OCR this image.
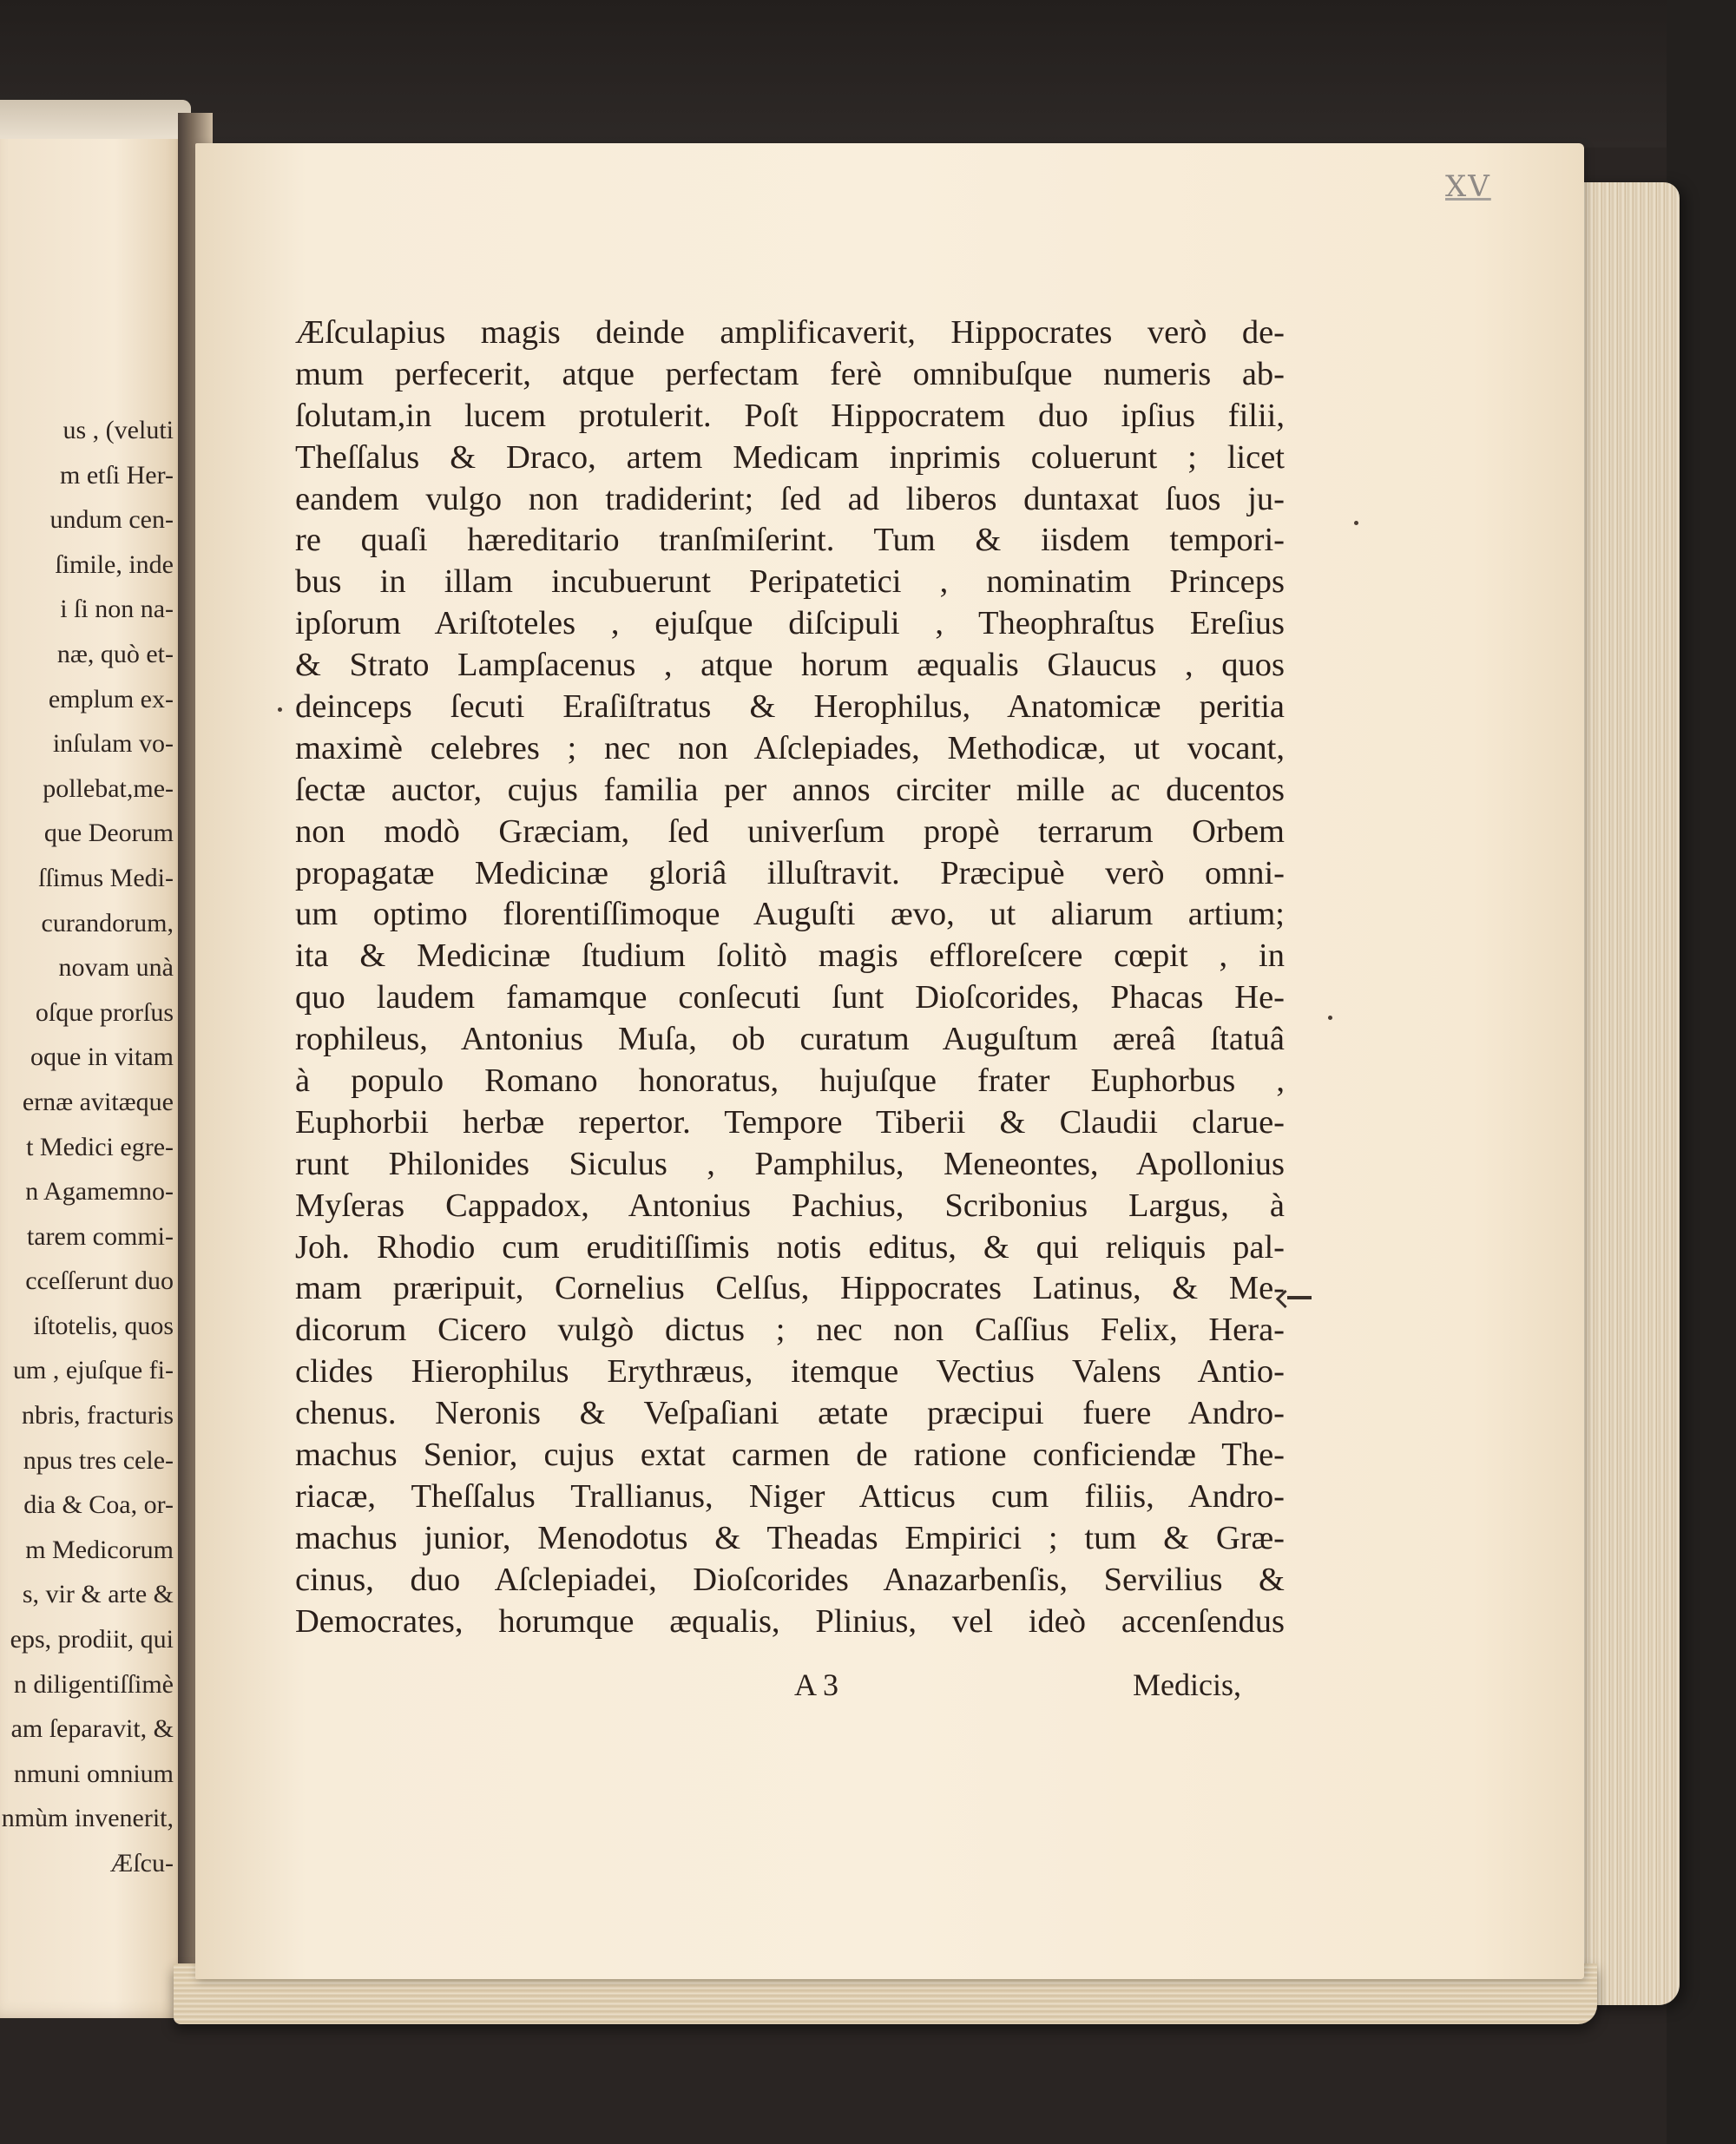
us , (veluti
m etſi Her-
undum cen-
ſimile, inde
i ſi non na-
næ, quò et-
emplum ex-
inſulam vo-
pollebat,me-
que Deorum
ſſimus Medi-
curandorum,
novam unà
oſque prorſus
oque in vitam
ernæ avitæque
t Medici egre-
n Agamemno-
tarem commi-
cceſſerunt duo
iſtotelis, quos
um , ejuſque fi-
nbris, fracturis
npus tres cele-
dia & Coa, or-
m Medicorum
s, vir & arte &
eps, prodiit, qui
n diligentiſſimè
am ſeparavit, &
nmuni omnium
nmùm invenerit,
Æſcu-
XV
Æſculapius magis deinde amplificaverit, Hippocrates verò de-
mum perfecerit, atque perfectam ferè omnibuſque numeris ab-
ſolutam,in lucem protulerit. Poſt Hippocratem duo ipſius filii,
Theſſalus & Draco, artem Medicam inprimis coluerunt ; licet
eandem vulgo non tradiderint; ſed ad liberos duntaxat ſuos ju-
re quaſi hæreditario tranſmiſerint. Tum & iisdem tempori-
bus in illam incubuerunt Peripatetici , nominatim Princeps
ipſorum Ariſtoteles , ejuſque diſcipuli , Theophraſtus Ereſius
& Strato Lampſacenus , atque horum æqualis Glaucus , quos
deinceps ſecuti Eraſiſtratus & Herophilus, Anatomicæ peritia
maximè celebres ; nec non Aſclepiades, Methodicæ, ut vocant,
ſectæ auctor, cujus familia per annos circiter mille ac ducentos
non modò Græciam, ſed univerſum propè terrarum Orbem
propagatæ Medicinæ gloriâ illuſtravit. Præcipuè verò omni-
um optimo florentiſſimoque Auguſti ævo, ut aliarum artium;
ita & Medicinæ ſtudium ſolitò magis effloreſcere cœpit , in
quo laudem famamque conſecuti ſunt Dioſcorides, Phacas He-
rophileus, Antonius Muſa, ob curatum Auguſtum æreâ ſtatuâ
à populo Romano honoratus, hujuſque frater Euphorbus ,
Euphorbii herbæ repertor. Tempore Tiberii & Claudii clarue-
runt Philonides Siculus , Pamphilus, Meneontes, Apollonius
Myſeras Cappadox, Antonius Pachius, Scribonius Largus, à
Joh. Rhodio cum eruditiſſimis notis editus, & qui reliquis pal-
mam præripuit, Cornelius Celſus, Hippocrates Latinus, & Me-
dicorum Cicero vulgò dictus ; nec non Caſſius Felix, Hera-
clides Hierophilus Erythræus, itemque Vectius Valens Antio-
chenus. Neronis & Veſpaſiani ætate præcipui fuere Andro-
machus Senior, cujus extat carmen de ratione conficiendæ The-
riacæ, Theſſalus Trallianus, Niger Atticus cum filiis, Andro-
machus junior, Menodotus & Theadas Empirici ; tum & Græ-
cinus, duo Aſclepiadei, Dioſcorides Anazarbenſis, Servilius &
Democrates, horumque æqualis, Plinius, vel ideò accenſendus
A 3	Medicis,
